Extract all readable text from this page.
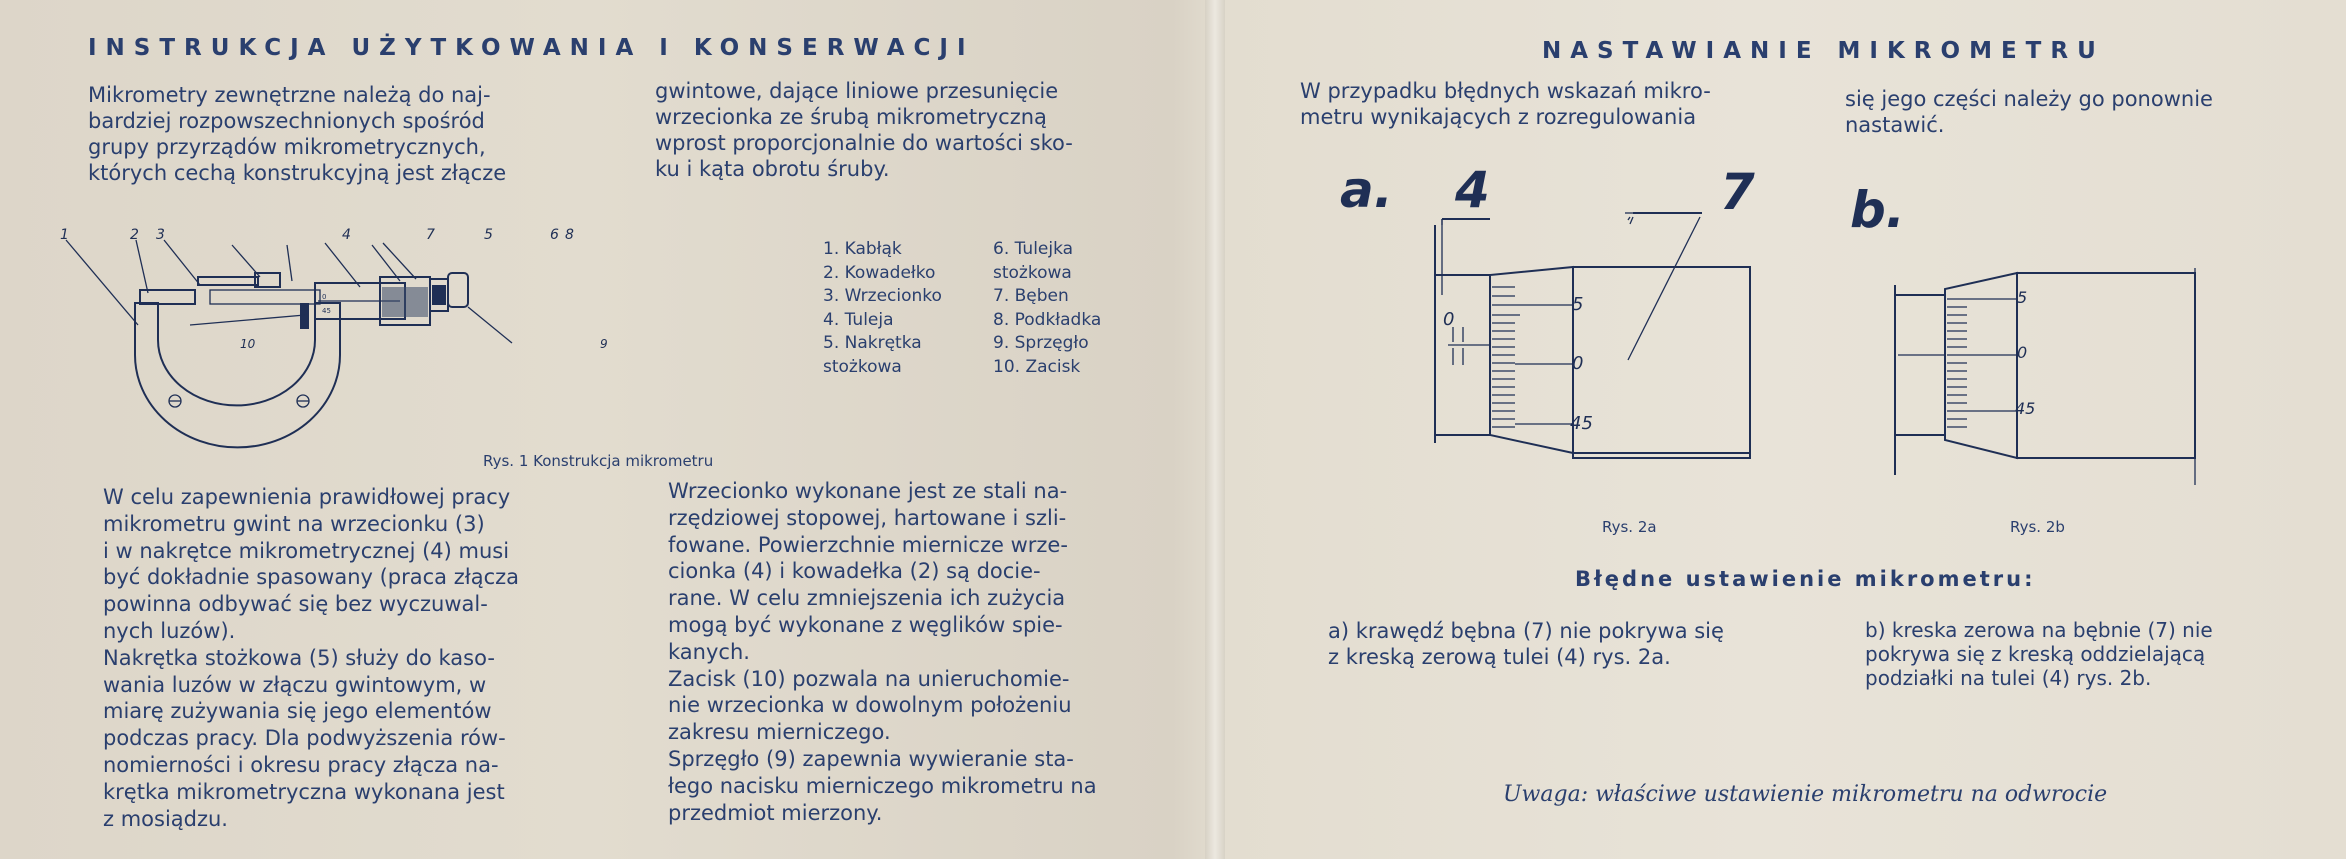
INSTRUKCJA UŻYTKOWANIA I KONSERWACJI
Mikrometry zewnętrzne należą do naj-
bardziej rozpowszechnionych spośród
grupy przyrządów mikrometrycznych,
których cechą konstrukcyjną jest złącze
gwintowe, dające liniowe przesunięcie
wrzecionka ze śrubą mikrometryczną
wprost proporcjonalnie do wartości sko-
ku i kąta obrotu śruby.
0
45
1	2 3	4	7	5	6 8
10	9
Rys. 1 Konstrukcja mikrometru
1. Kabłąk
2. Kowadełko
3. Wrzecionko
4. Tuleja
5. Nakrętka
stożkowa
6. Tulejka
stożkowa
7. Bęben
8. Podkładka
9. Sprzęgło
10. Zacisk
W celu zapewnienia prawidłowej pracy
mikrometru gwint na wrzecionku (3)
i w nakrętce mikrometrycznej (4) musi
być dokładnie spasowany (praca złącza
powinna odbywać się bez wyczuwal-
nych luzów).
Nakrętka stożkowa (5) służy do kaso-
wania luzów w złączu gwintowym, w
miarę zużywania się jego elementów
podczas pracy. Dla podwyższenia rów-
nomierności i okresu pracy złącza na-
krętka mikrometryczna wykonana jest
z mosiądzu.
Wrzecionko wykonane jest ze stali na-
rzędziowej stopowej, hartowane i szli-
fowane. Powierzchnie miernicze wrze-
cionka (4) i kowadełka (2) są docie-
rane. W celu zmniejszenia ich zużycia
mogą być wykonane z węglików spie-
kanych.
Zacisk (10) pozwala na unieruchomie-
nie wrzecionka w dowolnym położeniu
zakresu mierniczego.
Sprzęgło (9) zapewnia wywieranie sta-
łego nacisku mierniczego mikrometru na
przedmiot mierzony.
NASTAWIANIE MIKROMETRU
W przypadku błędnych wskazań mikro-
metru wynikających z rozregulowania
się jego części należy go ponownie
nastawić.
a. 4	7
0
5
0
45
Rys. 2a
b.
5
0
45
Rys. 2b
Błędne ustawienie mikrometru:
a) krawędź bębna (7) nie pokrywa się
z kreską zerową tulei (4) rys. 2a.
b) kreska zerowa na bębnie (7) nie
pokrywa się z kreską oddzielającą
podziałki na tulei (4) rys. 2b.
Uwaga: właściwe ustawienie mikrometru na odwrocie
